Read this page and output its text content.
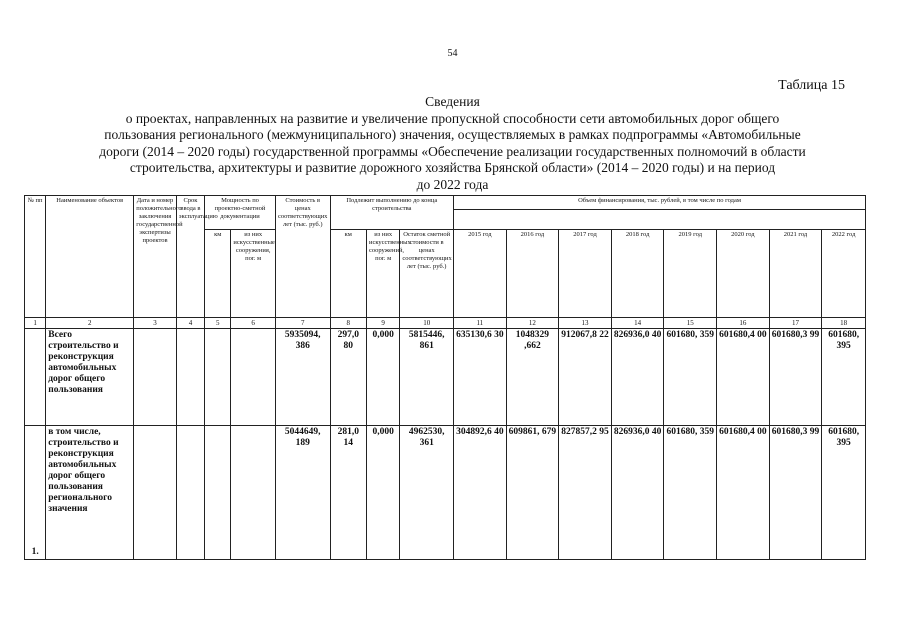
54
Таблица 15
Сведения
о проектах, направленных на развитие и увеличение пропускной способности сети автомобильных дорог общего
пользования регионального (межмуниципального) значения, осуществляемых в рамках подпрограммы «Автомобильные
дороги (2014 – 2020 годы) государственной программы «Обеспечение реализации государственных полномочий в области
строительства, архитектуры и развитие дорожного хозяйства Брянской области» (2014 – 2020 годы) и на период
до 2022 года
№ пп	Наименование объектов	Дата и номер положительного заключения государственной экспертизы проектов	Срок ввода в эксплуатацию	Мощность по проектно-сметной документации		Стоимость в ценах соответствующих лет (тыс. руб.)	Подлежит выполнению до конца строительства			Объем финансирования, тыс. рублей, в том числе по годам							

				км	из них искусственные сооружения, пог. м		км	из них искусственных сооружений, пог. м	Остаток сметной стоимости в ценах соответствующих лет (тыс. руб.)	2015 год	2016 год	2017 год	2018 год	2019 год	2020 год	2021 год	2022 год
1	2	3	4	5	6	7	8	9	10	11	12	13	14	15	16	17	18
	Всего строительство и реконструкция автомобильных дорог общего пользования					5935094, 386	297,0 80	0,000	5815446, 861	635130,6 30	1048329 ,662	912067,8 22	826936,0 40	601680, 359	601680,4 00	601680,3 99	601680, 395
1.	в том числе, строительство и реконструкция автомобильных дорог общего пользования регионального значения					5044649, 189	281,0 14	0,000	4962530, 361	304892,6 40	609861, 679	827857,2 95	826936,0 40	601680, 359	601680,4 00	601680,3 99	601680, 395
